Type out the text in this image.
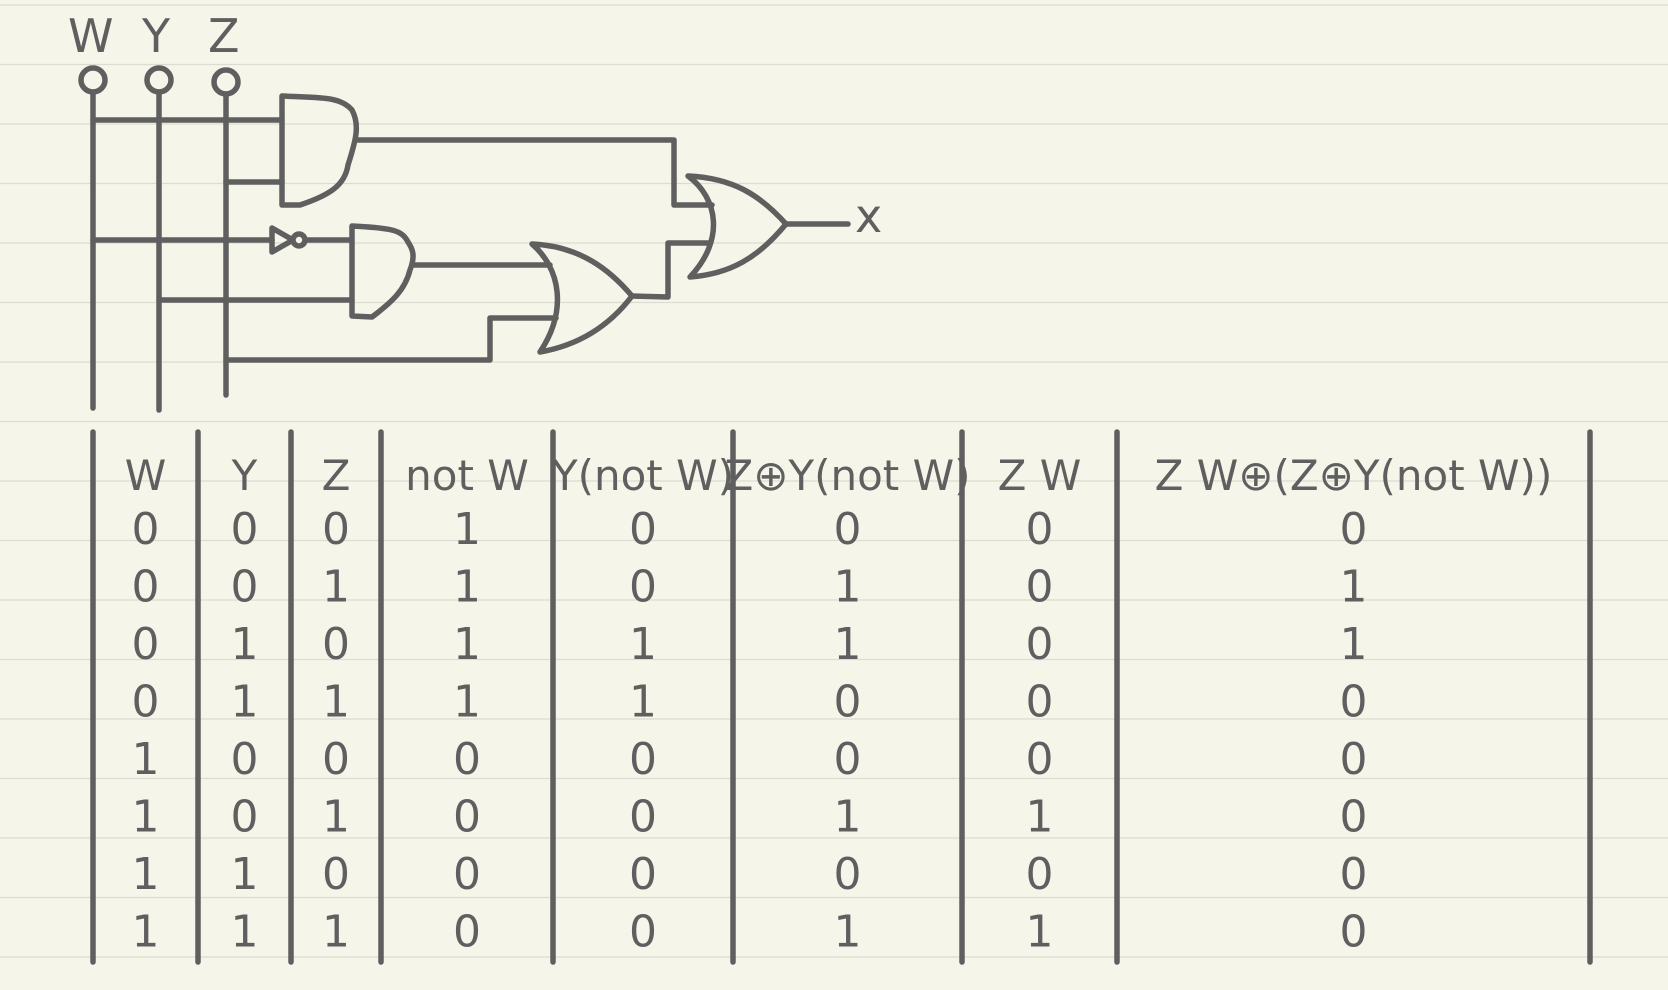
W Y Z
x
W Y Z not W Y(not W)
Z⊕Y(not W) Z W Z W⊕(Z⊕Y(not W))
0
0
0
0
1
1
1
1
0
0
1
1
0
0
1
1
0
1
0
1
0
1
0
1
1
1
1
1
0
0
0
0
0
0
1
1
0
0
0
0
0
1
1
0
0
1
0
1
0
0
0
0
0
1
0
1
0
1
1
0
0
0
0
0
